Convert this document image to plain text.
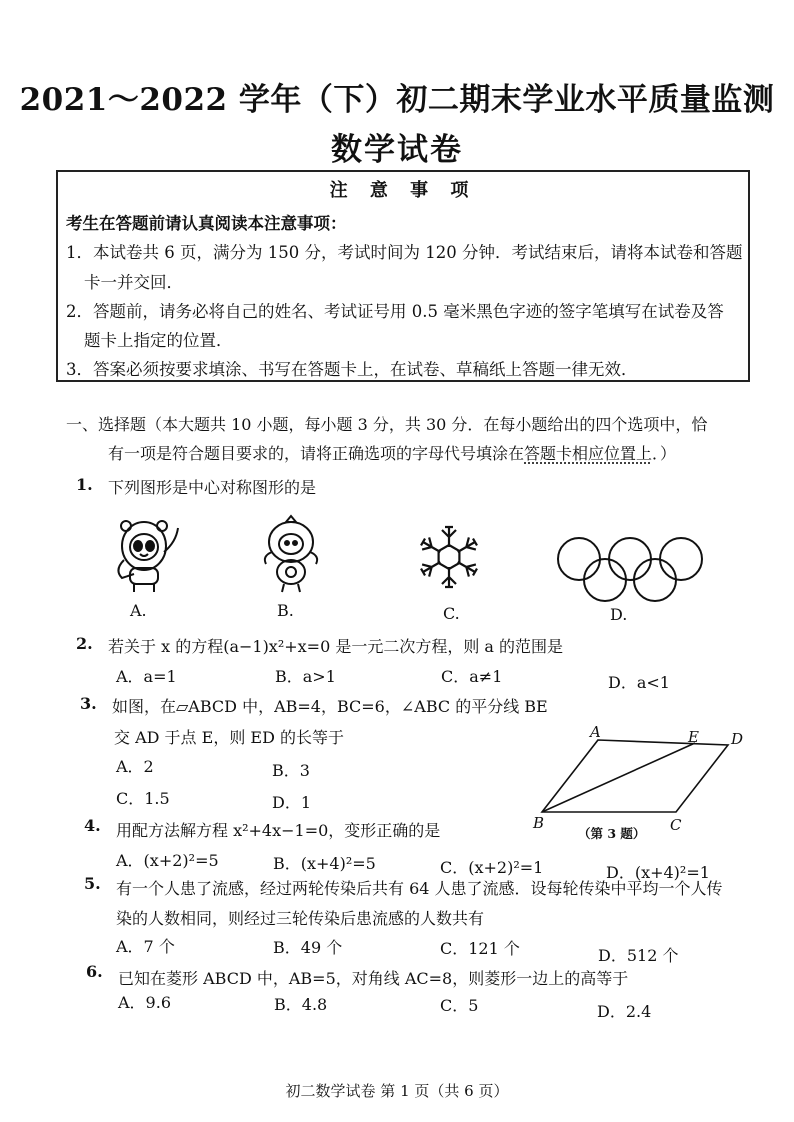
2021～2022 学年（下）初二期末学业水平质量监测
数学试卷
注 意 事 项
考生在答题前请认真阅读本注意事项：
1．本试卷共 6 页，满分为 150 分，考试时间为 120 分钟．考试结束后，请将本试卷和答题
卡一并交回．
2．答题前，请务必将自己的姓名、考试证号用 0.5 毫米黑色字迹的签字笔填写在试卷及答
题卡上指定的位置．
3．答案必须按要求填涂、书写在答题卡上，在试卷、草稿纸上答题一律无效．
一、选择题（本大题共 10 小题，每小题 3 分，共 30 分．在每小题给出的四个选项中，恰
有一项是符合题目要求的，请将正确选项的字母代号填涂在答题卡相应位置上．）
1. 下列图形是中心对称图形的是
A.	B.	C.	D.
2. 若关于 x 的方程(a−1)x²+x=0 是一元二次方程，则 a 的范围是
A．a=1	B．a>1	C．a≠1	D．a<1
3. 如图，在▱ABCD 中，AB=4，BC=6，∠ABC 的平分线 BE
交 AD 于点 E，则 ED 的长等于
A．2	B．3
C．1.5	D．1
A	E D
B	C
（第 3 题）
4. 用配方法解方程 x²+4x−1=0，变形正确的是
A．(x+2)²=5	B．(x+4)²=5	C．(x+2)²=1	D．(x+4)²=1
5. 有一个人患了流感，经过两轮传染后共有 64 人患了流感．设每轮传染中平均一个人传
染的人数相同，则经过三轮传染后患流感的人数共有
A．7 个	B．49 个	C．121 个	D．512 个
6. 已知在菱形 ABCD 中，AB=5，对角线 AC=8，则菱形一边上的高等于
A．9.6	B．4.8	C．5	D．2.4
初二数学试卷 第 1 页（共 6 页）
